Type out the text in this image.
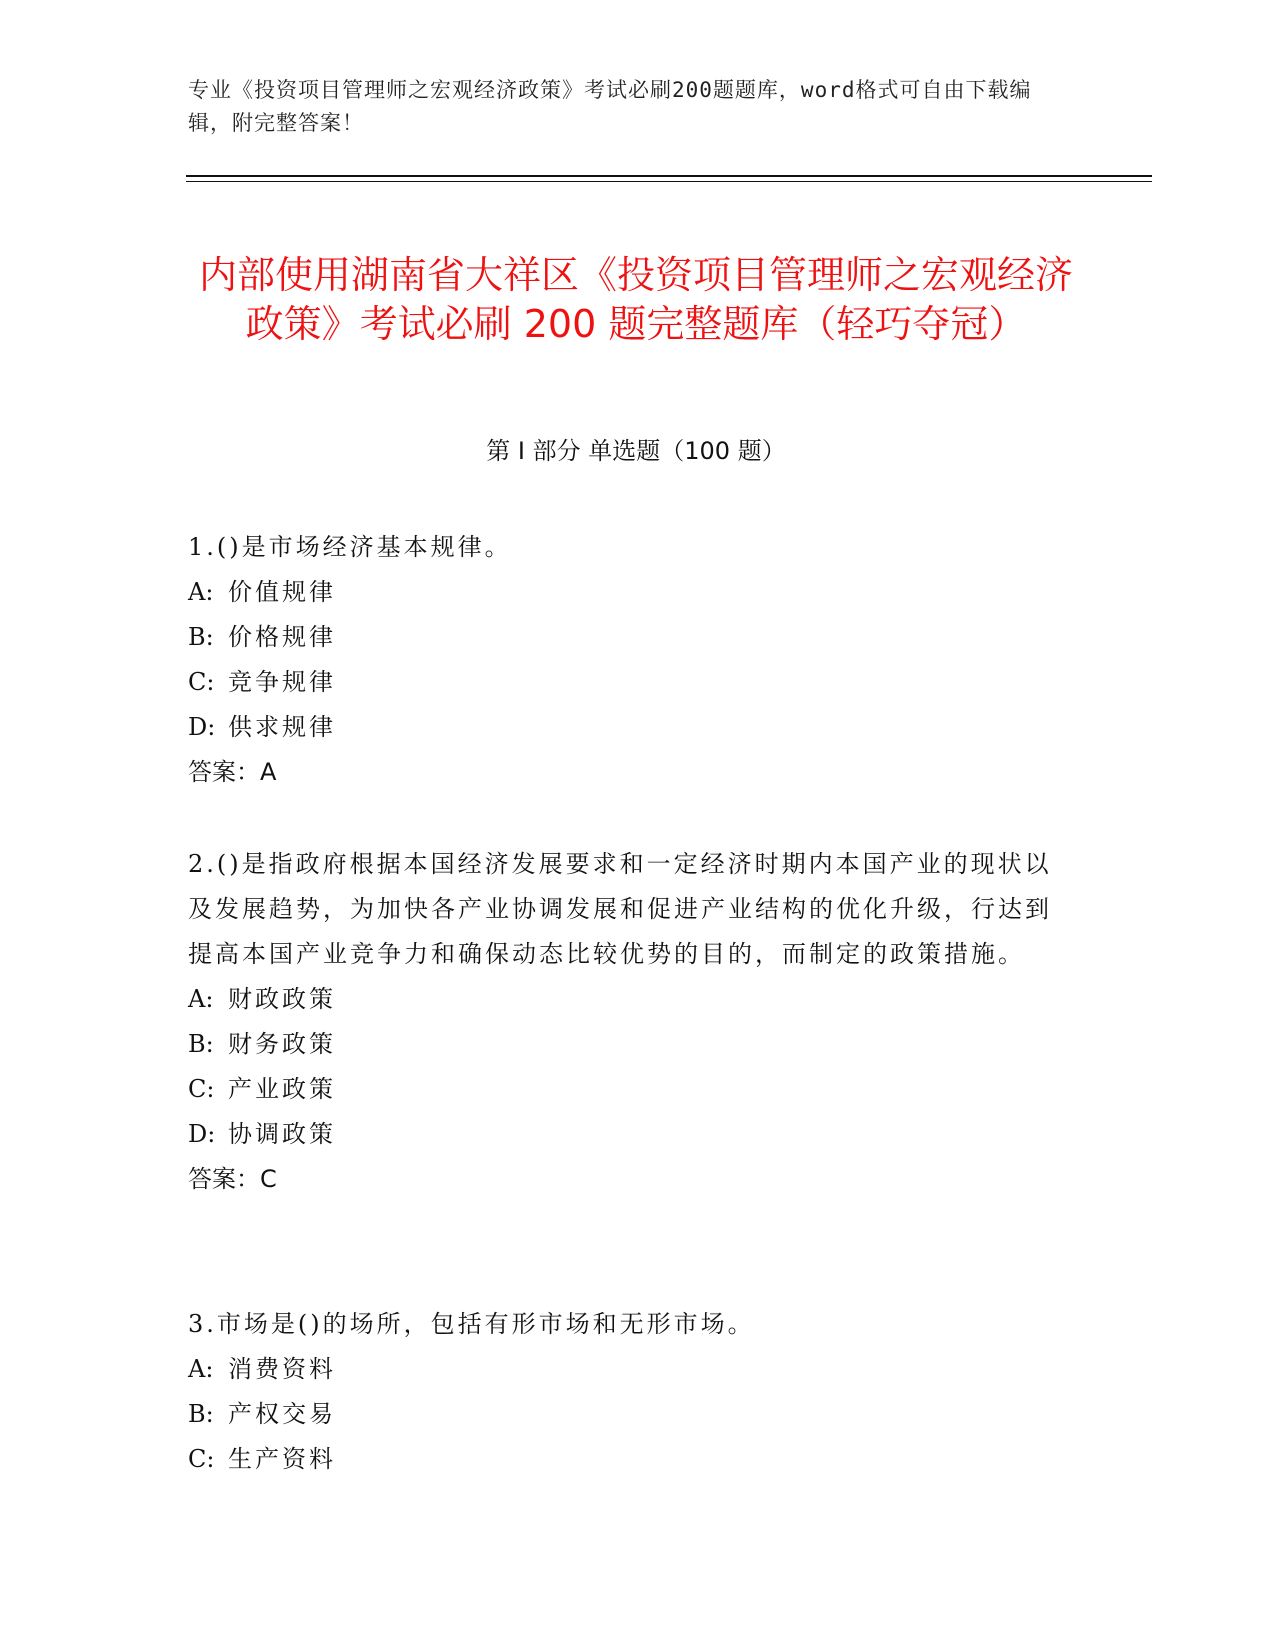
专业《投资项目管理师之宏观经济政策》考试必刷200题题库，word格式可自由下载编辑，附完整答案！
内部使用湖南省大祥区《投资项目管理师之宏观经济政策》考试必刷 200 题完整题库（轻巧夺冠）
第 I 部分 单选题（100 题）

1.()是市场经济基本规律。

A: 价值规律

B: 价格规律

C: 竞争规律

D: 供求规律

答案：A

2.()是指政府根据本国经济发展要求和一定经济时期内本国产业的现状以及发展趋势，为加快各产业协调发展和促进产业结构的优化升级，行达到提高本国产业竞争力和确保动态比较优势的目的，而制定的政策措施。

A: 财政政策

B: 财务政策

C: 产业政策

D: 协调政策

答案：C

3.市场是()的场所，包括有形市场和无形市场。

A: 消费资料

B: 产权交易

C: 生产资料
